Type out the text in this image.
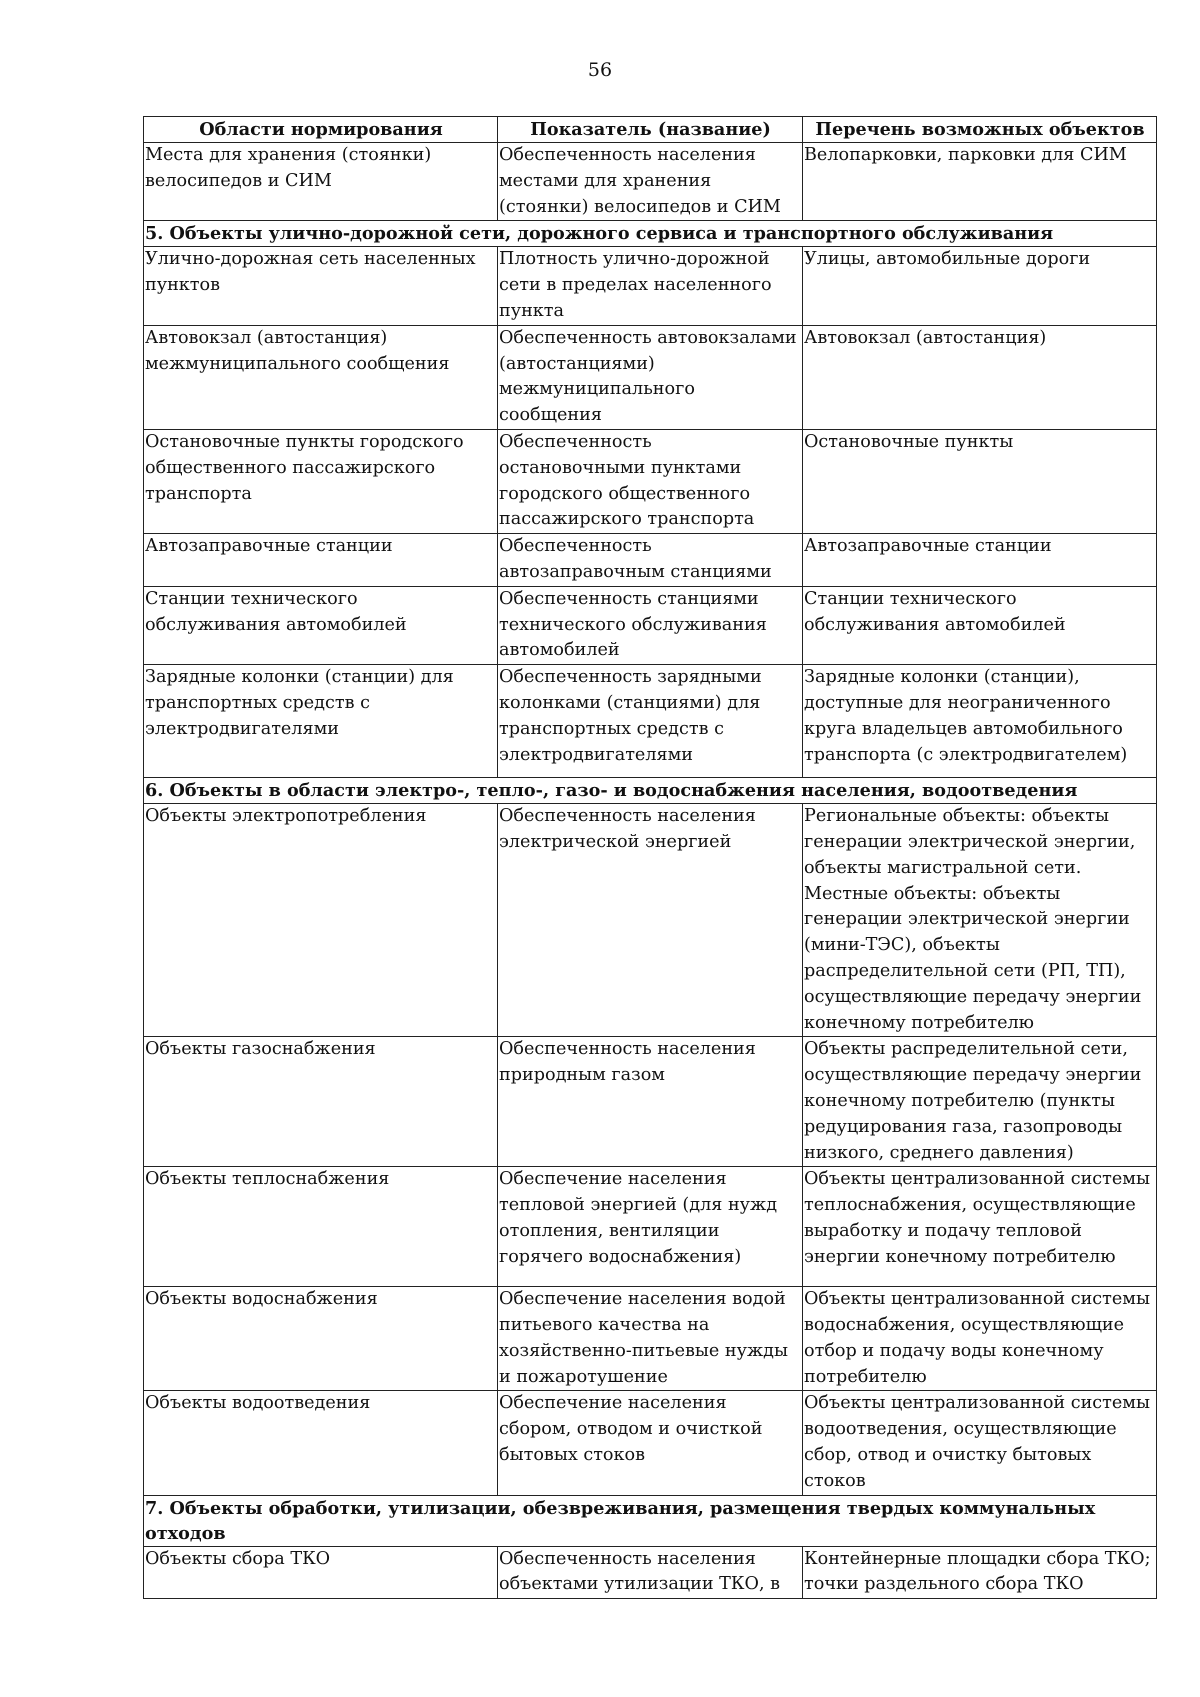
56
Области нормирования	Показатель (название)	Перечень возможных объектов
Места для хранения (стоянки) велосипедов и СИМ	Обеспеченность населения местами для хранения (стоянки) велосипедов и СИМ	Велопарковки, парковки для СИМ
5. Объекты улично-дорожной сети, дорожного сервиса и транспортного обслуживания		
Улично-дорожная сеть населенных пунктов	Плотность улично-дорожной сети в пределах населенного пункта	Улицы, автомобильные дороги
Автовокзал (автостанция) межмуниципального сообщения	Обеспеченность автовокзалами (автостанциями) межмуниципального сообщения	Автовокзал (автостанция)
Остановочные пункты городского общественного пассажирского транспорта	Обеспеченность остановочными пунктами городского общественного пассажирского транспорта	Остановочные пункты
Автозаправочные станции	Обеспеченность автозаправочным станциями	Автозаправочные станции
Станции технического обслуживания автомобилей	Обеспеченность станциями технического обслуживания автомобилей	Станции технического обслуживания автомобилей
Зарядные колонки (станции) для транспортных средств с электродвигателями	Обеспеченность зарядными колонками (станциями) для транспортных средств с электродвигателями	Зарядные колонки (станции), доступные для неограниченного круга владельцев автомобильного транспорта (с электродвигателем)
6. Объекты в области электро-, тепло-, газо- и водоснабжения населения, водоотведения		
Объекты электропотребления	Обеспеченность населения электрической энергией	Региональные объекты: объекты генерации электрической энергии, объекты магистральной сети. Местные объекты: объекты генерации электрической энергии (мини-ТЭС), объекты распределительной сети (РП, ТП), осуществляющие передачу энергии конечному потребителю
Объекты газоснабжения	Обеспеченность населения природным газом	Объекты распределительной сети, осуществляющие передачу энергии конечному потребителю (пункты редуцирования газа, газопроводы низкого, среднего давления)
Объекты теплоснабжения	Обеспечение населения тепловой энергией (для нужд отопления, вентиляции горячего водоснабжения)	Объекты централизованной системы теплоснабжения, осуществляющие выработку и подачу тепловой энергии конечному потребителю
Объекты водоснабжения	Обеспечение населения водой питьевого качества на хозяйственно-питьевые нужды и пожаротушение	Объекты централизованной системы водоснабжения, осуществляющие отбор и подачу воды конечному потребителю
Объекты водоотведения	Обеспечение населения сбором, отводом и очисткой бытовых стоков	Объекты централизованной системы водоотведения, осуществляющие сбор, отвод и очистку бытовых стоков
7. Объекты обработки, утилизации, обезвреживания, размещения твердых коммунальных отходов		
Объекты сбора ТКО	Обеспеченность населения объектами утилизации ТКО, в	Контейнерные площадки сбора ТКО; точки раздельного сбора ТКО
